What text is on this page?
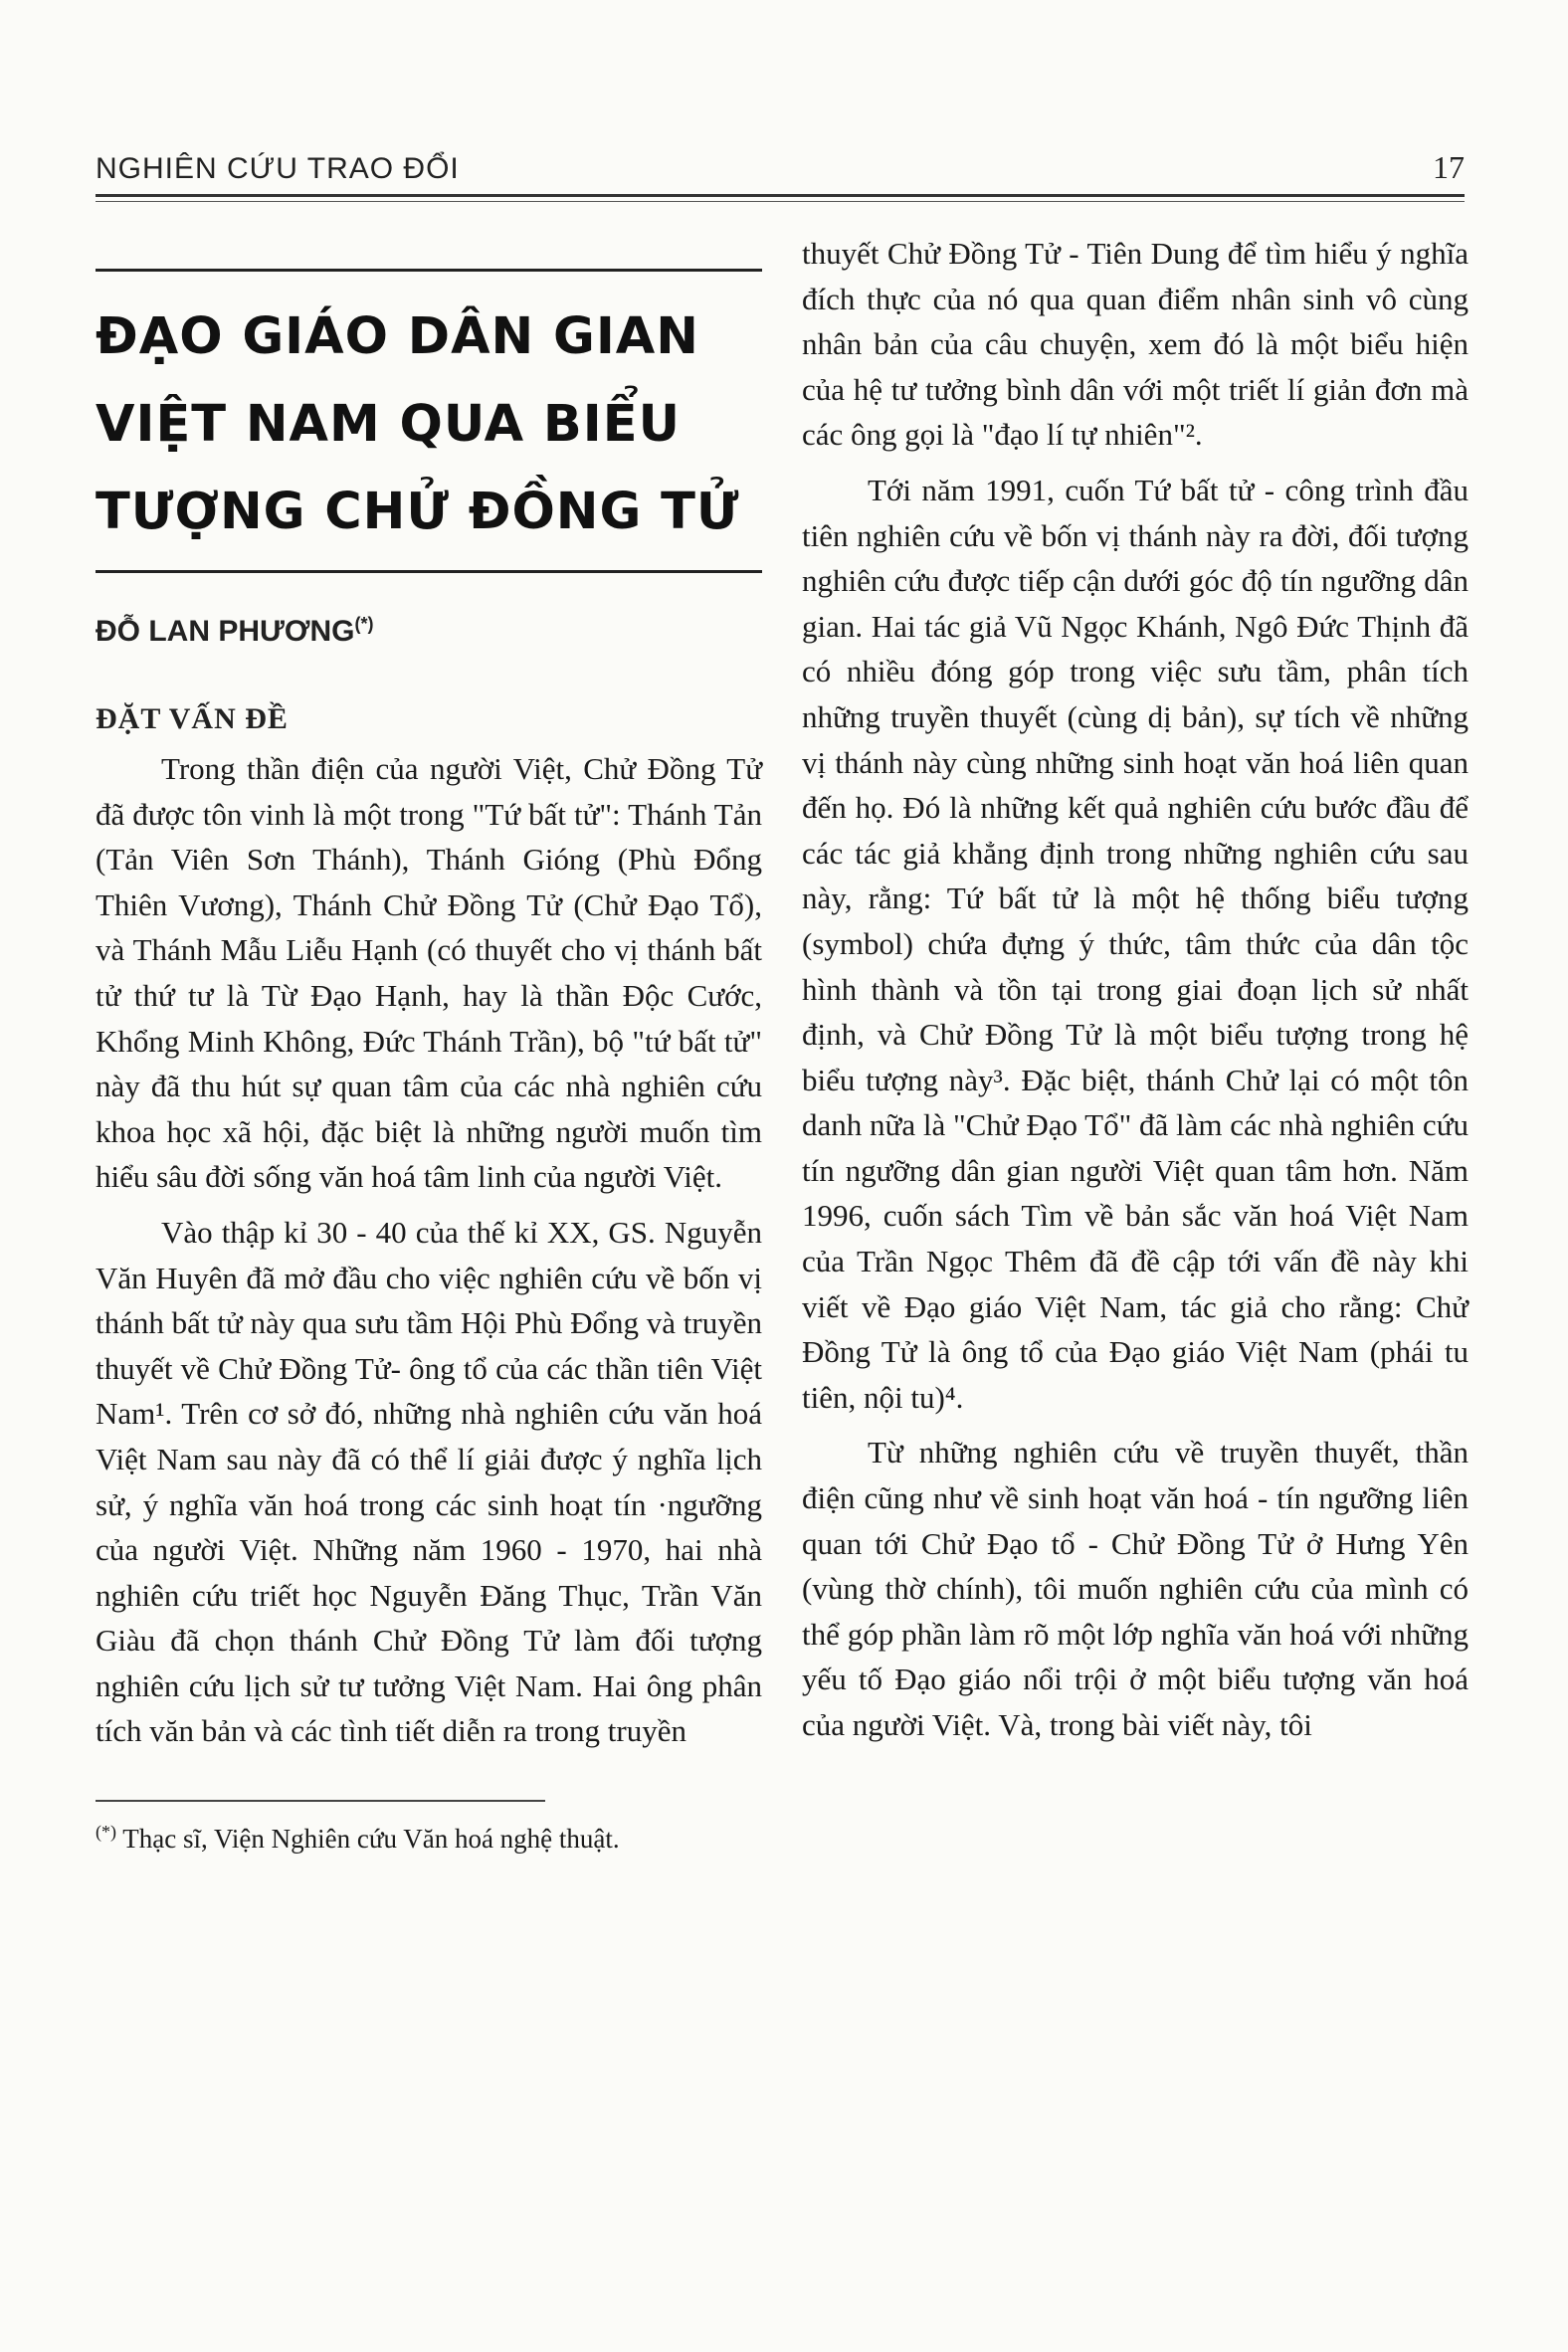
NGHIÊN CỨU TRAO ĐỔI	17
ĐẠO GIÁO DÂN GIAN
VIỆT NAM QUA BIỂU
TƯỢNG CHỬ ĐỒNG TỬ
ĐỖ LAN PHƯƠNG(*)
ĐẶT VẤN ĐỀ

Trong thần điện của người Việt, Chử Đồng Tử đã được tôn vinh là một trong "Tứ bất tử": Thánh Tản (Tản Viên Sơn Thánh), Thánh Gióng (Phù Đổng Thiên Vương), Thánh Chử Đồng Tử (Chử Đạo Tổ), và Thánh Mẫu Liễu Hạnh (có thuyết cho vị thánh bất tử thứ tư là Từ Đạo Hạnh, hay là thần Độc Cước, Khổng Minh Không, Đức Thánh Trần), bộ "tứ bất tử" này đã thu hút sự quan tâm của các nhà nghiên cứu khoa học xã hội, đặc biệt là những người muốn tìm hiểu sâu đời sống văn hoá tâm linh của người Việt.

Vào thập kỉ 30 - 40 của thế kỉ XX, GS. Nguyễn Văn Huyên đã mở đầu cho việc nghiên cứu về bốn vị thánh bất tử này qua sưu tầm Hội Phù Đổng và truyền thuyết về Chử Đồng Tử- ông tổ của các thần tiên Việt Nam¹. Trên cơ sở đó, những nhà nghiên cứu văn hoá Việt Nam sau này đã có thể lí giải được ý nghĩa lịch sử, ý nghĩa văn hoá trong các sinh hoạt tín ·ngưỡng của người Việt. Những năm 1960 - 1970, hai nhà nghiên cứu triết học Nguyễn Đăng Thục, Trần Văn Giàu đã chọn thánh Chử Đồng Tử làm đối tượng nghiên cứu lịch sử tư tưởng Việt Nam. Hai ông phân tích văn bản và các tình tiết diễn ra trong truyền

(*) Thạc sĩ, Viện Nghiên cứu Văn hoá nghệ thuật.

thuyết Chử Đồng Tử - Tiên Dung để tìm hiểu ý nghĩa đích thực của nó qua quan điểm nhân sinh vô cùng nhân bản của câu chuyện, xem đó là một biểu hiện của hệ tư tưởng bình dân với một triết lí giản đơn mà các ông gọi là "đạo lí tự nhiên"².

Tới năm 1991, cuốn Tứ bất tử - công trình đầu tiên nghiên cứu về bốn vị thánh này ra đời, đối tượng nghiên cứu được tiếp cận dưới góc độ tín ngưỡng dân gian. Hai tác giả Vũ Ngọc Khánh, Ngô Đức Thịnh đã có nhiều đóng góp trong việc sưu tầm, phân tích những truyền thuyết (cùng dị bản), sự tích về những vị thánh này cùng những sinh hoạt văn hoá liên quan đến họ. Đó là những kết quả nghiên cứu bước đầu để các tác giả khẳng định trong những nghiên cứu sau này, rằng: Tứ bất tử là một hệ thống biểu tượng (symbol) chứa đựng ý thức, tâm thức của dân tộc hình thành và tồn tại trong giai đoạn lịch sử nhất định, và Chử Đồng Tử là một biểu tượng trong hệ biểu tượng này³. Đặc biệt, thánh Chử lại có một tôn danh nữa là "Chử Đạo Tổ" đã làm các nhà nghiên cứu tín ngưỡng dân gian người Việt quan tâm hơn. Năm 1996, cuốn sách Tìm về bản sắc văn hoá Việt Nam của Trần Ngọc Thêm đã đề cập tới vấn đề này khi viết về Đạo giáo Việt Nam, tác giả cho rằng: Chử Đồng Tử là ông tổ của Đạo giáo Việt Nam (phái tu tiên, nội tu)⁴.

Từ những nghiên cứu về truyền thuyết, thần điện cũng như về sinh hoạt văn hoá - tín ngưỡng liên quan tới Chử Đạo tổ - Chử Đồng Tử ở Hưng Yên (vùng thờ chính), tôi muốn nghiên cứu của mình có thể góp phần làm rõ một lớp nghĩa văn hoá với những yếu tố Đạo giáo nổi trội ở một biểu tượng văn hoá của người Việt. Và, trong bài viết này, tôi
